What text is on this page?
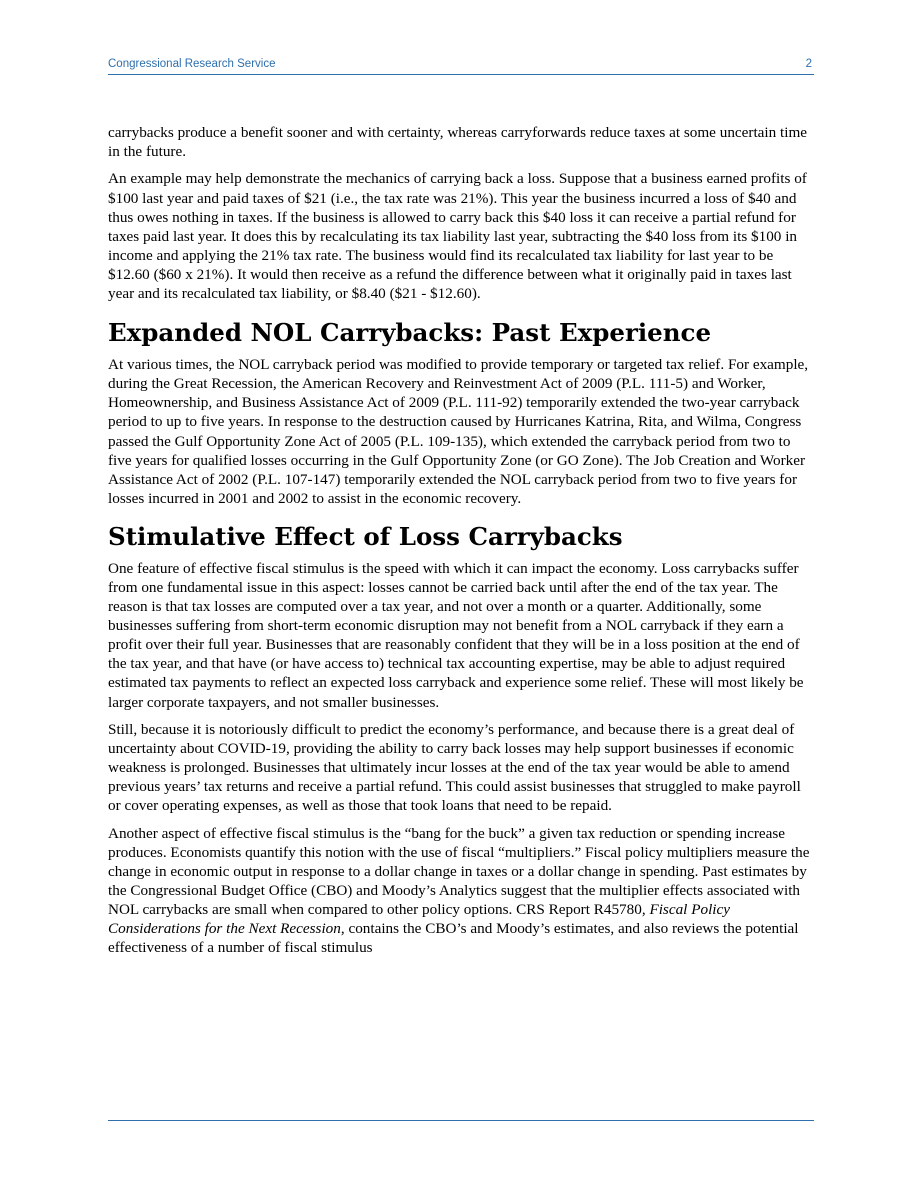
Congressional Research Service	2

carrybacks produce a benefit sooner and with certainty, whereas carryforwards reduce taxes at some uncertain time in the future.

An example may help demonstrate the mechanics of carrying back a loss. Suppose that a business earned profits of $100 last year and paid taxes of $21 (i.e., the tax rate was 21%). This year the business incurred a loss of $40 and thus owes nothing in taxes. If the business is allowed to carry back this $40 loss it can receive a partial refund for taxes paid last year. It does this by recalculating its tax liability last year, subtracting the $40 loss from its $100 in income and applying the 21% tax rate. The business would find its recalculated tax liability for last year to be $12.60 ($60 x 21%). It would then receive as a refund the difference between what it originally paid in taxes last year and its recalculated tax liability, or $8.40 ($21 - $12.60).

Expanded NOL Carrybacks: Past Experience

At various times, the NOL carryback period was modified to provide temporary or targeted tax relief. For example, during the Great Recession, the American Recovery and Reinvestment Act of 2009 (P.L. 111-5) and Worker, Homeownership, and Business Assistance Act of 2009 (P.L. 111-92) temporarily extended the two-year carryback period to up to five years. In response to the destruction caused by Hurricanes Katrina, Rita, and Wilma, Congress passed the Gulf Opportunity Zone Act of 2005 (P.L. 109-135), which extended the carryback period from two to five years for qualified losses occurring in the Gulf Opportunity Zone (or GO Zone). The Job Creation and Worker Assistance Act of 2002 (P.L. 107-147) temporarily extended the NOL carryback period from two to five years for losses incurred in 2001 and 2002 to assist in the economic recovery.

Stimulative Effect of Loss Carrybacks

One feature of effective fiscal stimulus is the speed with which it can impact the economy. Loss carrybacks suffer from one fundamental issue in this aspect: losses cannot be carried back until after the end of the tax year. The reason is that tax losses are computed over a tax year, and not over a month or a quarter. Additionally, some businesses suffering from short-term economic disruption may not benefit from a NOL carryback if they earn a profit over their full year. Businesses that are reasonably confident that they will be in a loss position at the end of the tax year, and that have (or have access to) technical tax accounting expertise, may be able to adjust required estimated tax payments to reflect an expected loss carryback and experience some relief. These will most likely be larger corporate taxpayers, and not smaller businesses.

Still, because it is notoriously difficult to predict the economy’s performance, and because there is a great deal of uncertainty about COVID-19, providing the ability to carry back losses may help support businesses if economic weakness is prolonged. Businesses that ultimately incur losses at the end of the tax year would be able to amend previous years’ tax returns and receive a partial refund. This could assist businesses that struggled to make payroll or cover operating expenses, as well as those that took loans that need to be repaid.

Another aspect of effective fiscal stimulus is the “bang for the buck” a given tax reduction or spending increase produces. Economists quantify this notion with the use of fiscal “multipliers.” Fiscal policy multipliers measure the change in economic output in response to a dollar change in taxes or a dollar change in spending. Past estimates by the Congressional Budget Office (CBO) and Moody’s Analytics suggest that the multiplier effects associated with NOL carrybacks are small when compared to other policy options. CRS Report R45780, Fiscal Policy Considerations for the Next Recession, contains the CBO’s and Moody’s estimates, and also reviews the potential effectiveness of a number of fiscal stimulus
